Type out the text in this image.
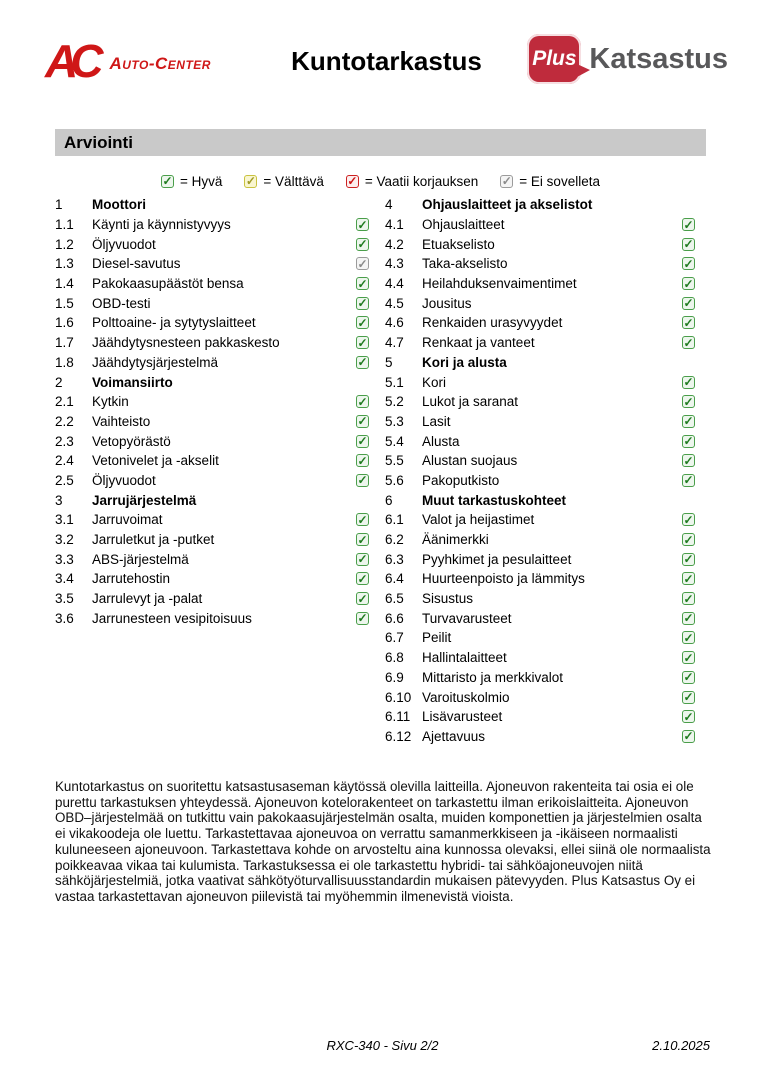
AC Auto-Center	Kuntotarkastus Plus Katsastus
Arviointi
✓ = Hyvä ✓ = Välttävä ✓ = Vaatii korjauksen ✓ = Ei sovelleta
1	Moottori
1.1	Käynti ja käynnistyvyys	✓
1.2	Öljyvuodot	✓
1.3	Diesel-savutus	✓
1.4	Pakokaasupäästöt bensa	✓
1.5	OBD-testi	✓
1.6	Polttoaine- ja sytytyslaitteet	✓
1.7	Jäähdytysnesteen pakkaskesto	✓
1.8	Jäähdytysjärjestelmä	✓
2	Voimansiirto
2.1	Kytkin	✓
2.2	Vaihteisto	✓
2.3	Vetopyörästö	✓
2.4	Vetonivelet ja -akselit	✓
2.5	Öljyvuodot	✓
3	Jarrujärjestelmä
3.1	Jarruvoimat	✓
3.2	Jarruletkut ja -putket	✓
3.3	ABS-järjestelmä	✓
3.4	Jarrutehostin	✓
3.5	Jarrulevyt ja -palat	✓
3.6	Jarrunesteen vesipitoisuus	✓
4	Ohjauslaitteet ja akselistot
4.1	Ohjauslaitteet	✓
4.2	Etuakselisto	✓
4.3	Taka-akselisto	✓
4.4	Heilahduksenvaimentimet	✓
4.5	Jousitus	✓
4.6	Renkaiden urasyvyydet	✓
4.7	Renkaat ja vanteet	✓
5	Kori ja alusta
5.1	Kori	✓
5.2	Lukot ja saranat	✓
5.3	Lasit	✓
5.4	Alusta	✓
5.5	Alustan suojaus	✓
5.6	Pakoputkisto	✓
6	Muut tarkastuskohteet
6.1	Valot ja heijastimet	✓
6.2	Äänimerkki	✓
6.3	Pyyhkimet ja pesulaitteet	✓
6.4	Huurteenpoisto ja lämmitys	✓
6.5	Sisustus	✓
6.6	Turvavarusteet	✓
6.7	Peilit	✓
6.8	Hallintalaitteet	✓
6.9	Mittaristo ja merkkivalot	✓
6.10 Varoituskolmio	✓
6.11 Lisävarusteet	✓
6.12 Ajettavuus	✓
Kuntotarkastus on suoritettu katsastusaseman käytössä olevilla laitteilla. Ajoneuvon rakenteita tai osia ei ole purettu tarkastuksen yhteydessä. Ajoneuvon kotelorakenteet on tarkastettu ilman erikoislaitteita. Ajoneuvon OBD–järjestelmää on tutkittu vain pakokaasujärjestelmän osalta, muiden komponettien ja järjestelmien osalta ei vikakoodeja ole luettu. Tarkastettavaa ajoneuvoa on verrattu samanmerkkiseen ja -ikäiseen normaalisti kuluneeseen ajoneuvoon. Tarkastettava kohde on arvosteltu aina kunnossa olevaksi, ellei siinä ole normaalista poikkeavaa vikaa tai kulumista. Tarkastuksessa ei ole tarkastettu hybridi- tai sähköajoneuvojen niitä sähköjärjestelmiä, jotka vaativat sähkötyöturvallisuusstandardin mukaisen pätevyyden. Plus Katsastus Oy ei vastaa tarkastettavan ajoneuvon piilevistä tai myöhemmin ilmenevistä vioista.
RXC-340 - Sivu 2/2	2.10.2025
